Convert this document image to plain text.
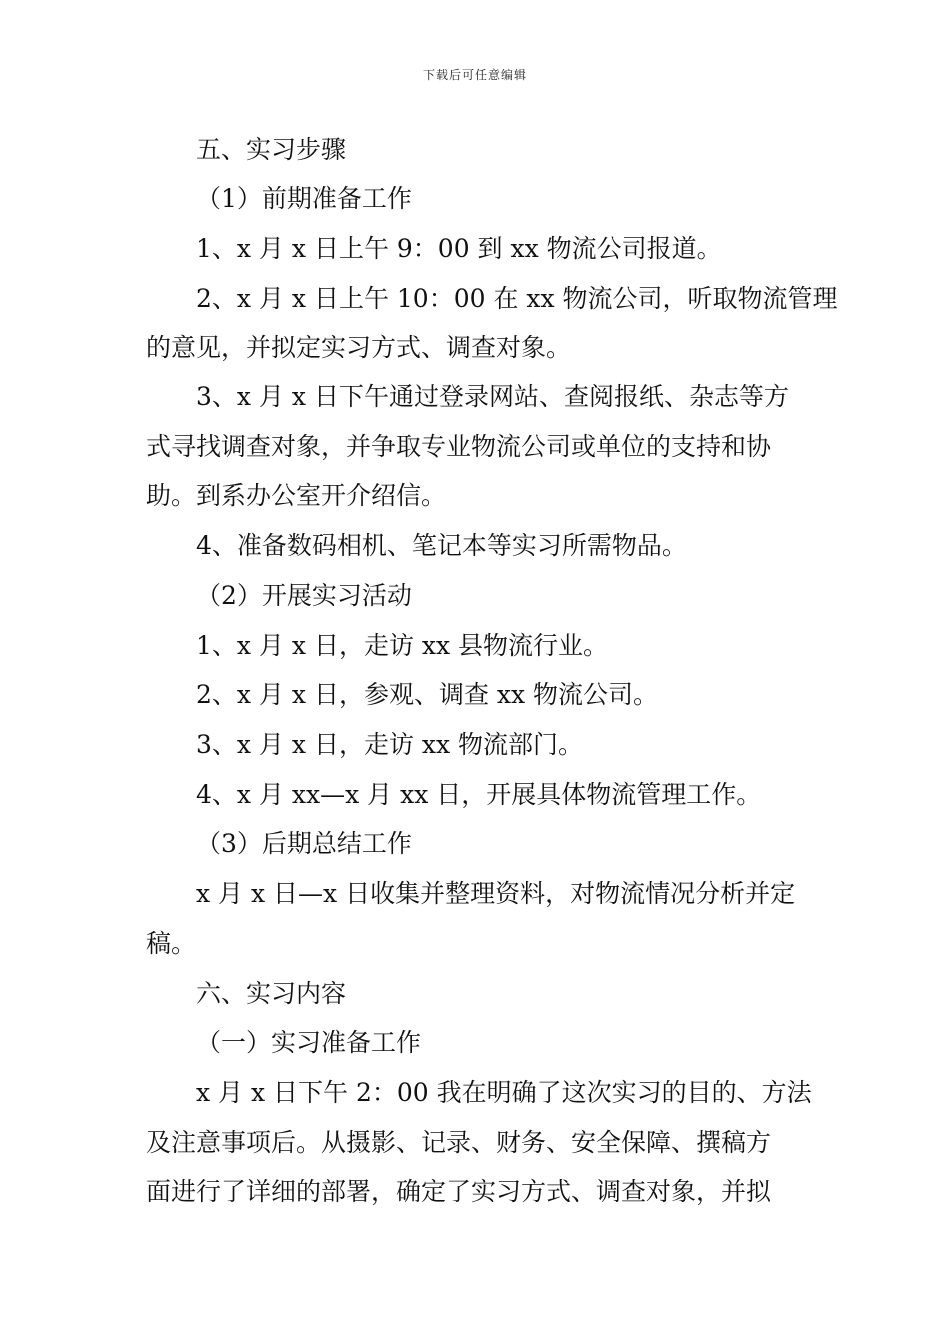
下载后可任意编辑
五、实习步骤
（1）前期准备工作
1、x 月 x 日上午 9：00 到 xx 物流公司报道。
2、x 月 x 日上午 10：00 在 xx 物流公司，听取物流管理
的意见，并拟定实习方式、调查对象。
3、x 月 x 日下午通过登录网站、查阅报纸、杂志等方
式寻找调查对象，并争取专业物流公司或单位的支持和协
助。到系办公室开介绍信。
4、准备数码相机、笔记本等实习所需物品。
（2）开展实习活动
1、x 月 x 日，走访 xx 县物流行业。
2、x 月 x 日，参观、调查 xx 物流公司。
3、x 月 x 日，走访 xx 物流部门。
4、x 月 xx—x 月 xx 日，开展具体物流管理工作。
（3）后期总结工作
x 月 x 日—x 日收集并整理资料，对物流情况分析并定
稿。
六、实习内容
（一）实习准备工作
x 月 x 日下午 2：00 我在明确了这次实习的目的、方法
及注意事项后。从摄影、记录、财务、安全保障、撰稿方
面进行了详细的部署，确定了实习方式、调查对象，并拟
